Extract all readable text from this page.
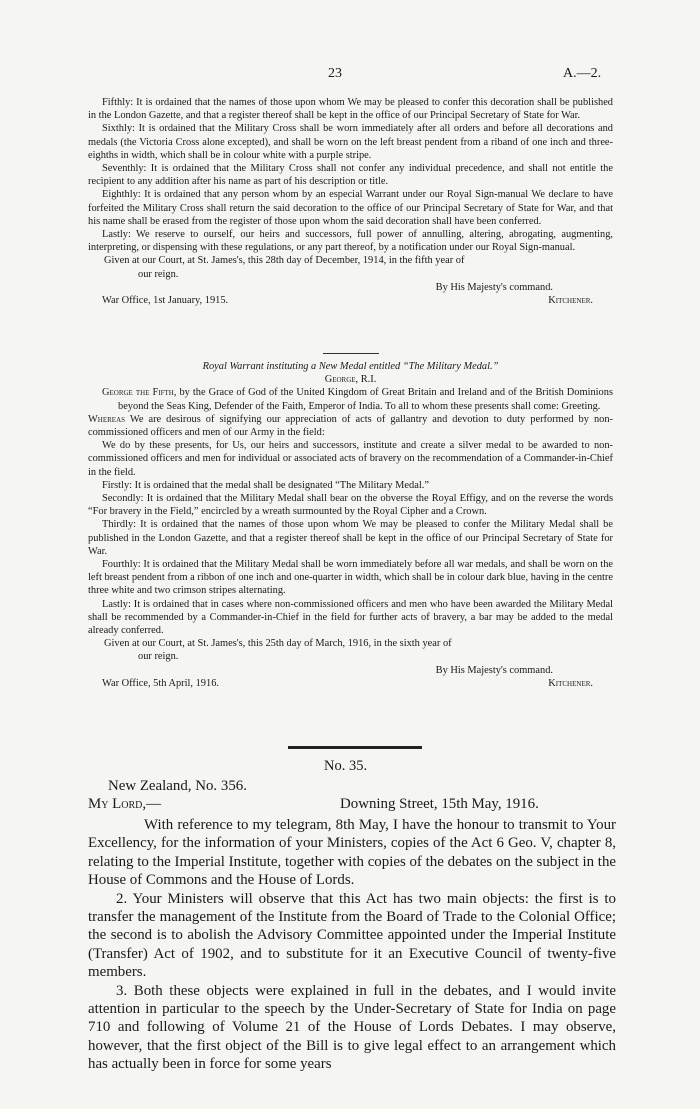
23	A.—2.

Fifthly: It is ordained that the names of those upon whom We may be pleased to confer this decoration shall be published in the London Gazette, and that a register thereof shall be kept in the office of our Principal Secretary of State for War.

Sixthly: It is ordained that the Military Cross shall be worn immediately after all orders and before all decorations and medals (the Victoria Cross alone excepted), and shall be worn on the left breast pendent from a riband of one inch and three-eighths in width, which shall be in colour white with a purple stripe.

Seventhly: It is ordained that the Military Cross shall not confer any individual precedence, and shall not entitle the recipient to any addition after his name as part of his description or title.

Eighthly: It is ordained that any person whom by an especial Warrant under our Royal Sign-manual We declare to have forfeited the Military Cross shall return the said decoration to the office of our Principal Secretary of State for War, and that his name shall be erased from the register of those upon whom the said decoration shall have been conferred.

Lastly: We reserve to ourself, our heirs and successors, full power of annulling, altering, abrogating, augmenting, interpreting, or dispensing with these regulations, or any part thereof, by a notification under our Royal Sign-manual.

Given at our Court, at St. James's, this 28th day of December, 1914, in the fifth year of

our reign.

By His Majesty's command.
War Office, 1st January, 1915.	Kitchener.

Royal Warrant instituting a New Medal entitled “The Military Medal.”

George, R.I.

George the Fifth, by the Grace of God of the United Kingdom of Great Britain and Ireland and of the British Dominions beyond the Seas King, Defender of the Faith, Emperor of India. To all to whom these presents shall come: Greeting.

Whereas We are desirous of signifying our appreciation of acts of gallantry and devotion to duty performed by non-commissioned officers and men of our Army in the field:

We do by these presents, for Us, our heirs and successors, institute and create a silver medal to be awarded to non-commissioned officers and men for individual or associated acts of bravery on the recommendation of a Commander-in-Chief in the field.

Firstly: It is ordained that the medal shall be designated “The Military Medal.”

Secondly: It is ordained that the Military Medal shall bear on the obverse the Royal Effigy, and on the reverse the words “For bravery in the Field,” encircled by a wreath surmounted by the Royal Cipher and a Crown.

Thirdly: It is ordained that the names of those upon whom We may be pleased to confer the Military Medal shall be published in the London Gazette, and that a register thereof shall be kept in the office of our Principal Secretary of State for War.

Fourthly: It is ordained that the Military Medal shall be worn immediately before all war medals, and shall be worn on the left breast pendent from a ribbon of one inch and one-quarter in width, which shall be in colour dark blue, having in the centre three white and two crimson stripes alternating.

Lastly: It is ordained that in cases where non-commissioned officers and men who have been awarded the Military Medal shall be recommended by a Commander-in-Chief in the field for further acts of bravery, a bar may be added to the medal already conferred.

Given at our Court, at St. James's, this 25th day of March, 1916, in the sixth year of

our reign.

By His Majesty's command.
War Office, 5th April, 1916.	Kitchener.
No. 35.
New Zealand, No. 356.
My Lord,—	Downing Street, 15th May, 1916.

With reference to my telegram, 8th May, I have the honour to transmit to Your Excellency, for the information of your Ministers, copies of the Act 6 Geo. V, chapter 8, relating to the Imperial Institute, together with copies of the debates on the subject in the House of Commons and the House of Lords.

2. Your Ministers will observe that this Act has two main objects: the first is to transfer the management of the Institute from the Board of Trade to the Colonial Office; the second is to abolish the Advisory Committee appointed under the Imperial Institute (Transfer) Act of 1902, and to substitute for it an Executive Council of twenty-five members.

3. Both these objects were explained in full in the debates, and I would invite attention in particular to the speech by the Under-Secretary of State for India on page 710 and following of Volume 21 of the House of Lords Debates. I may observe, however, that the first object of the Bill is to give legal effect to an arrangement which has actually been in force for some years
